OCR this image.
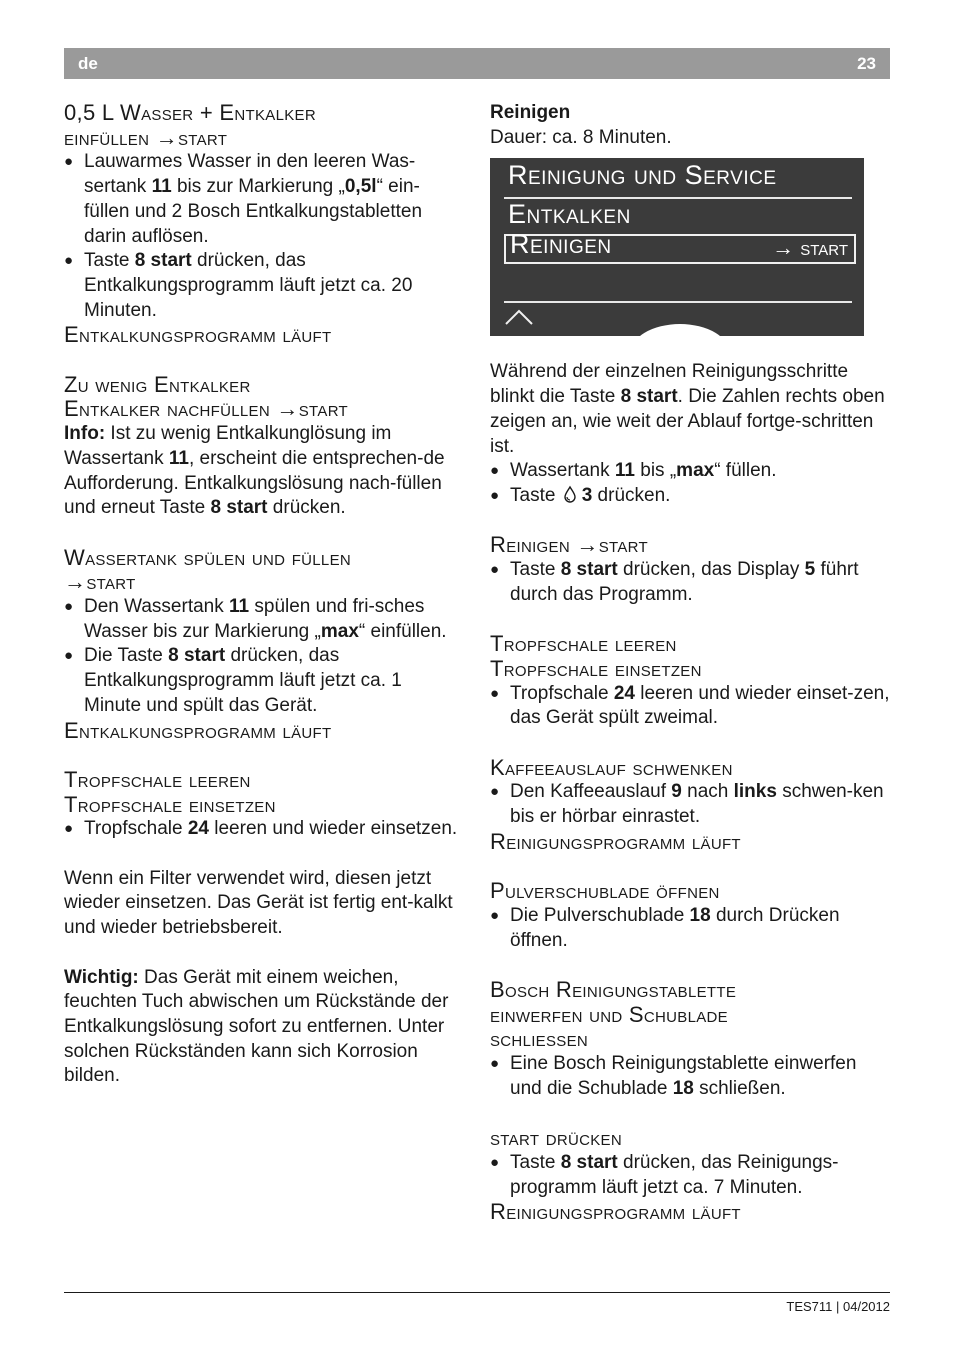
de	23
0,5 L Wasser + Entkalker
einfüllen →start
● Lauwarmes Wasser in den leeren Was-sertank 11 bis zur Markierung „0,5l“ ein-füllen und 2 Bosch Entkalkungstabletten darin auflösen.
● Taste 8 start drücken, das Entkalkungsprogramm läuft jetzt ca. 20 Minuten.
Entkalkungsprogramm läuft
Zu wenig Entkalker
Entkalker nachfüllen →start

Info: Ist zu wenig Entkalkunglösung im Wassertank 11, erscheint die entsprechen-de Aufforderung. Entkalkungslösung nach-füllen und erneut Taste 8 start drücken.

Wassertank spülen und füllen
→start
● Den Wassertank 11 spülen und fri-sches Wasser bis zur Markierung „max“ einfüllen.
● Die Taste 8 start drücken, das Entkalkungsprogramm läuft jetzt ca. 1 Minute und spült das Gerät.
Entkalkungsprogramm läuft
Tropfschale leeren
Tropfschale einsetzen
● Tropfschale 24 leeren und wieder einsetzen.

Wenn ein Filter verwendet wird, diesen jetzt wieder einsetzen. Das Gerät ist fertig ent-kalkt und wieder betriebsbereit.

Wichtig: Das Gerät mit einem weichen, feuchten Tuch abwischen um Rückstände der Entkalkungslösung sofort zu entfernen. Unter solchen Rückständen kann sich Korrosion bilden.

Reinigen

Dauer: ca. 8 Minuten.

Reinigung und Service
Entkalken
Reinigen	→ start

Während der einzelnen Reinigungsschritte blinkt die Taste 8 start. Die Zahlen rechts oben zeigen an, wie weit der Ablauf fortge-schritten ist.

● Wassertank 11 bis „max“ füllen.
● Taste 3 drücken.
Reinigen →start
● Taste 8 start drücken, das Display 5 führt durch das Programm.
Tropfschale leeren
Tropfschale einsetzen
● Tropfschale 24 leeren und wieder einset-zen, das Gerät spült zweimal.
Kaffeeauslauf schwenken
● Den Kaffeeauslauf 9 nach links schwen-ken bis er hörbar einrastet.
Reinigungsprogramm läuft
Pulverschublade öffnen
● Die Pulverschublade 18 durch Drücken öffnen.
Bosch Reinigungstablette
einwerfen und Schublade
schliessen
● Eine Bosch Reinigungstablette einwerfen und die Schublade 18 schließen.
start drücken
● Taste 8 start drücken, das Reinigungs-programm läuft jetzt ca. 7 Minuten.
Reinigungsprogramm läuft
TES711 | 04/2012
